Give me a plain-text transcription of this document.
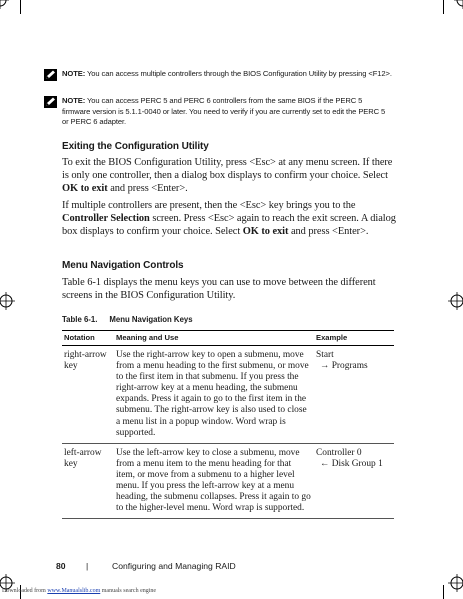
NOTE: You can access multiple controllers through the BIOS Configuration Utility by pressing <F12>.
NOTE: You can access PERC 5 and PERC 6 controllers from the same BIOS if the PERC 5 firmware version is 5.1.1-0040 or later. You need to verify if you are currently set to edit the PERC 5 or PERC 6 adapter.
Exiting the Configuration Utility
To exit the BIOS Configuration Utility, press <Esc> at any menu screen. If there is only one controller, then a dialog box displays to confirm your choice. Select OK to exit and press <Enter>.
If multiple controllers are present, then the <Esc> key brings you to the Controller Selection screen. Press <Esc> again to reach the exit screen. A dialog box displays to confirm your choice. Select OK to exit and press <Enter>.
Menu Navigation Controls
Table 6-1 displays the menu keys you can use to move between the different screens in the BIOS Configuration Utility.
Table 6-1. Menu Navigation Keys
Notation	Meaning and Use	Example
right-arrow key	Use the right-arrow key to open a submenu, move from a menu heading to the first submenu, or move to the first item in that submenu. If you press the right-arrow key at a menu heading, the submenu expands. Press it again to go to the first item in the submenu. The right-arrow key is also used to close a menu list in a popup window. Word wrap is supported.	Start
→ Programs

left-arrow key	Use the left-arrow key to close a submenu, move from a menu item to the menu heading for that item, or move from a submenu to a higher level menu. If you press the left-arrow key at a menu heading, the submenu collapses. Press it again to go to the higher-level menu. Word wrap is supported.	Controller 0
← Disk Group 1
80 |	Configuring and Managing RAID
Downloaded from www.Manualslib.com manuals search engine
